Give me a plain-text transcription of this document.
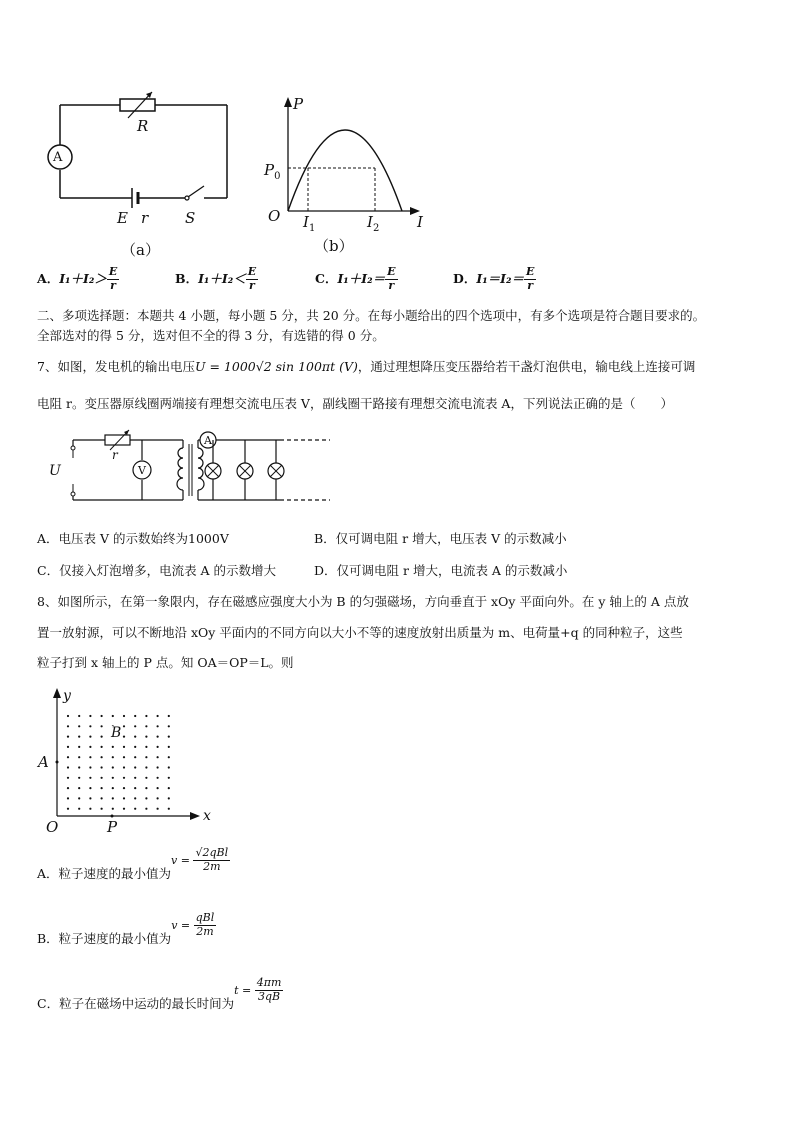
A
R
E r S
（a）
P
I
O
$P_0$
$I_1$	$I_2$
（b）
A． $I_1+I_2> \frac{E}{r}$	B． $I_1+I_2< \frac{E}{r}$	C． $I_1+I_2= \frac{E}{r}$	D． $I_1=I_2= \frac{E}{r}$
二、多项选择题：本题共 4 小题，每小题 5 分，共 20 分。在每小题给出的四个选项中，有多个选项是符合题目要求的。
全部选对的得 5 分，选对但不全的得 3 分，有选错的得 0 分。
7、如图，发电机的输出电压U = 1000√2 sin 100πt (V)，通过理想降压变压器给若干盏灯泡供电，输电线上连接可调
电阻 r。变压器原线圈两端接有理想交流电压表 V，副线圈干路接有理想交流电流表 A，下列说法正确的是（　　）
U
r
V
A
A．电压表 V 的示数始终为1000V	B．仅可调电阻 r 增大，电压表 V 的示数减小
C．仅接入灯泡增多，电流表 A 的示数增大	D．仅可调电阻 r 增大，电流表 A 的示数减小
8、如图所示，在第一象限内，存在磁感应强度大小为 B 的匀强磁场，方向垂直于 xOy 平面向外。在 y 轴上的 A 点放
置一放射源，可以不断地沿 xOy 平面内的不同方向以大小不等的速度放射出质量为 m、电荷量+q 的同种粒子，这些
粒子打到 x 轴上的 P 点。知 OA＝OP＝L。则
y
x
O
A
P
B
A．粒子速度的最小值为
v =
$\frac{\text{√2qBl}}{2m}$
B．粒子速度的最小值为
v =
$\frac{\text{qBl}}{2m}$
C．粒子在磁场中运动的最长时间为
t =
$\frac{4\pi m}{3qB}$
